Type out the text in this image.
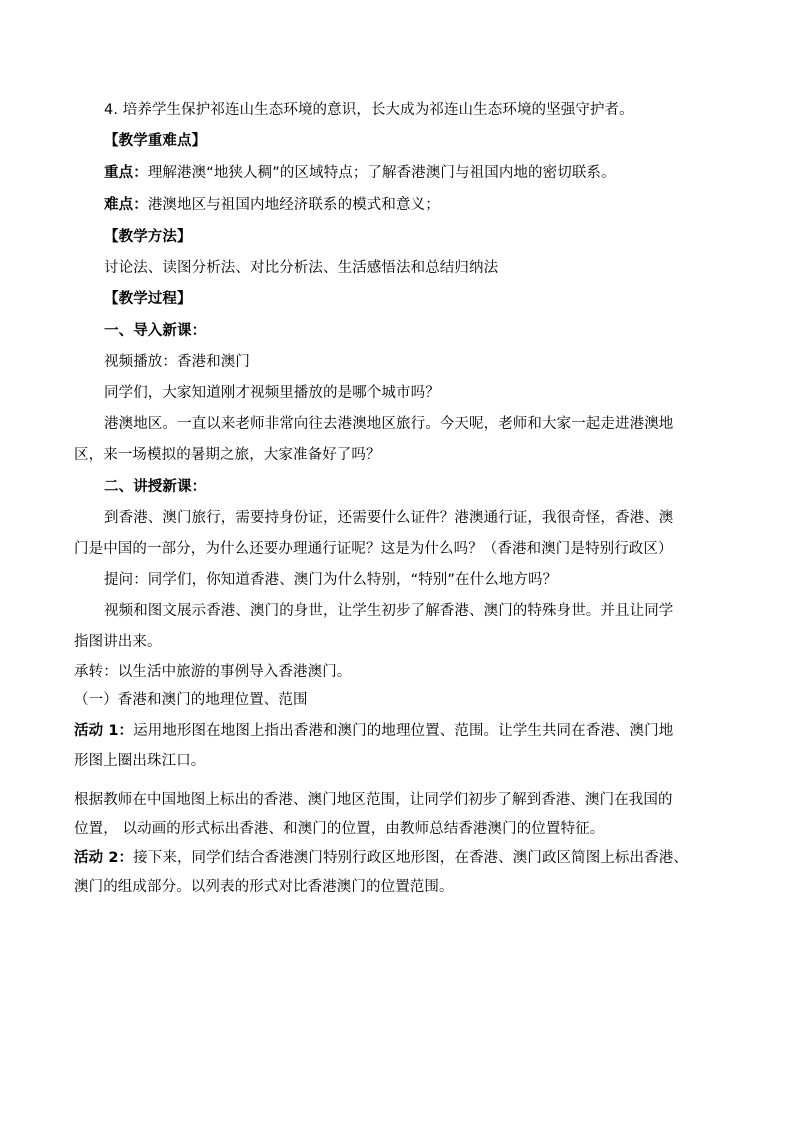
4. 培养学生保护祁连山生态环境的意识，长大成为祁连山生态环境的坚强守护者。
【教学重难点】
重点：理解港澳“地狭人稠”的区域特点；了解香港澳门与祖国内地的密切联系。
难点：港澳地区与祖国内地经济联系的模式和意义；
【教学方法】
讨论法、读图分析法、对比分析法、生活感悟法和总结归纳法
【教学过程】
一、导入新课：
视频播放：香港和澳门
同学们，大家知道刚才视频里播放的是哪个城市吗？
港澳地区。一直以来老师非常向往去港澳地区旅行。今天呢，老师和大家一起走进港澳地
区，来一场模拟的暑期之旅，大家准备好了吗？
二、讲授新课：
到香港、澳门旅行，需要持身份证，还需要什么证件？港澳通行证，我很奇怪，香港、澳
门是中国的一部分，为什么还要办理通行证呢？这是为什么吗？（香港和澳门是特别行政区）
提问：同学们，你知道香港、澳门为什么特别，“特别”在什么地方吗？
视频和图文展示香港、澳门的身世，让学生初步了解香港、澳门的特殊身世。并且让同学
指图讲出来。
承转：以生活中旅游的事例导入香港澳门。
（一）香港和澳门的地理位置、范围
活动 1：运用地形图在地图上指出香港和澳门的地理位置、范围。让学生共同在香港、澳门地
形图上圈出珠江口。
根据教师在中国地图上标出的香港、澳门地区范围，让同学们初步了解到香港、澳门在我国的
位置， 以动画的形式标出香港、和澳门的位置，由教师总结香港澳门的位置特征。
活动 2：接下来，同学们结合香港澳门特别行政区地形图，在香港、澳门政区简图上标出香港、
澳门的组成部分。以列表的形式对比香港澳门的位置范围。
